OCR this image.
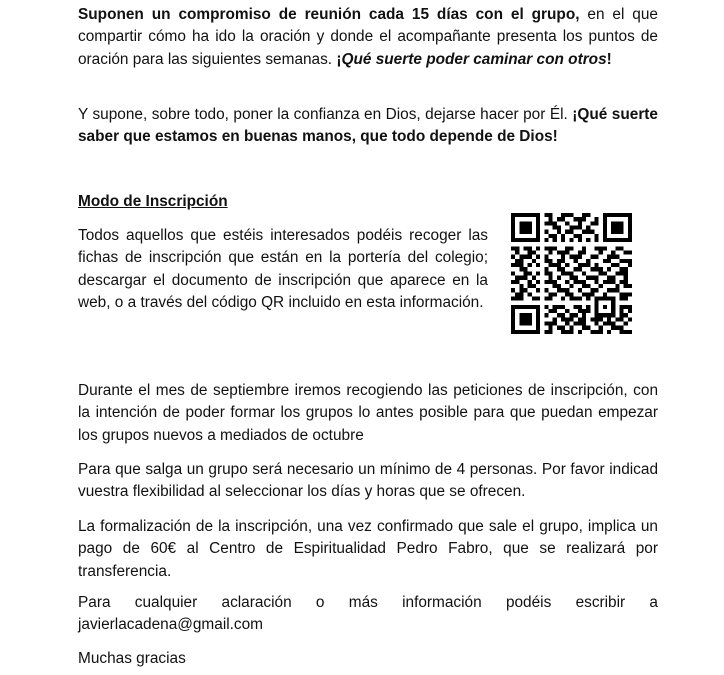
Suponen un compromiso de reunión cada 15 días con el grupo, en el que compartir cómo ha ido la oración y donde el acompañante presenta los puntos de oración para las siguientes semanas. ¡Qué suerte poder caminar con otros!

Y supone, sobre todo, poner la confianza en Dios, dejarse hacer por Él. ¡Qué suerte saber que estamos en buenas manos, que todo depende de Dios!

Modo de Inscripción

Todos aquellos que estéis interesados podéis recoger las fichas de inscripción que están en la portería del colegio; descargar el documento de inscripción que aparece en la web, o a través del código QR incluido en esta información.

Durante el mes de septiembre iremos recogiendo las peticiones de inscripción, con la intención de poder formar los grupos lo antes posible para que puedan empezar los grupos nuevos a mediados de octubre

Para que salga un grupo será necesario un mínimo de 4 personas. Por favor indicad vuestra flexibilidad al seleccionar los días y horas que se ofrecen.

La formalización de la inscripción, una vez confirmado que sale el grupo, implica un pago de 60€ al Centro de Espiritualidad Pedro Fabro, que se realizará por transferencia.

Para cualquier aclaración o más información podéis escribir a javierlacadena@gmail.com

Muchas gracias
